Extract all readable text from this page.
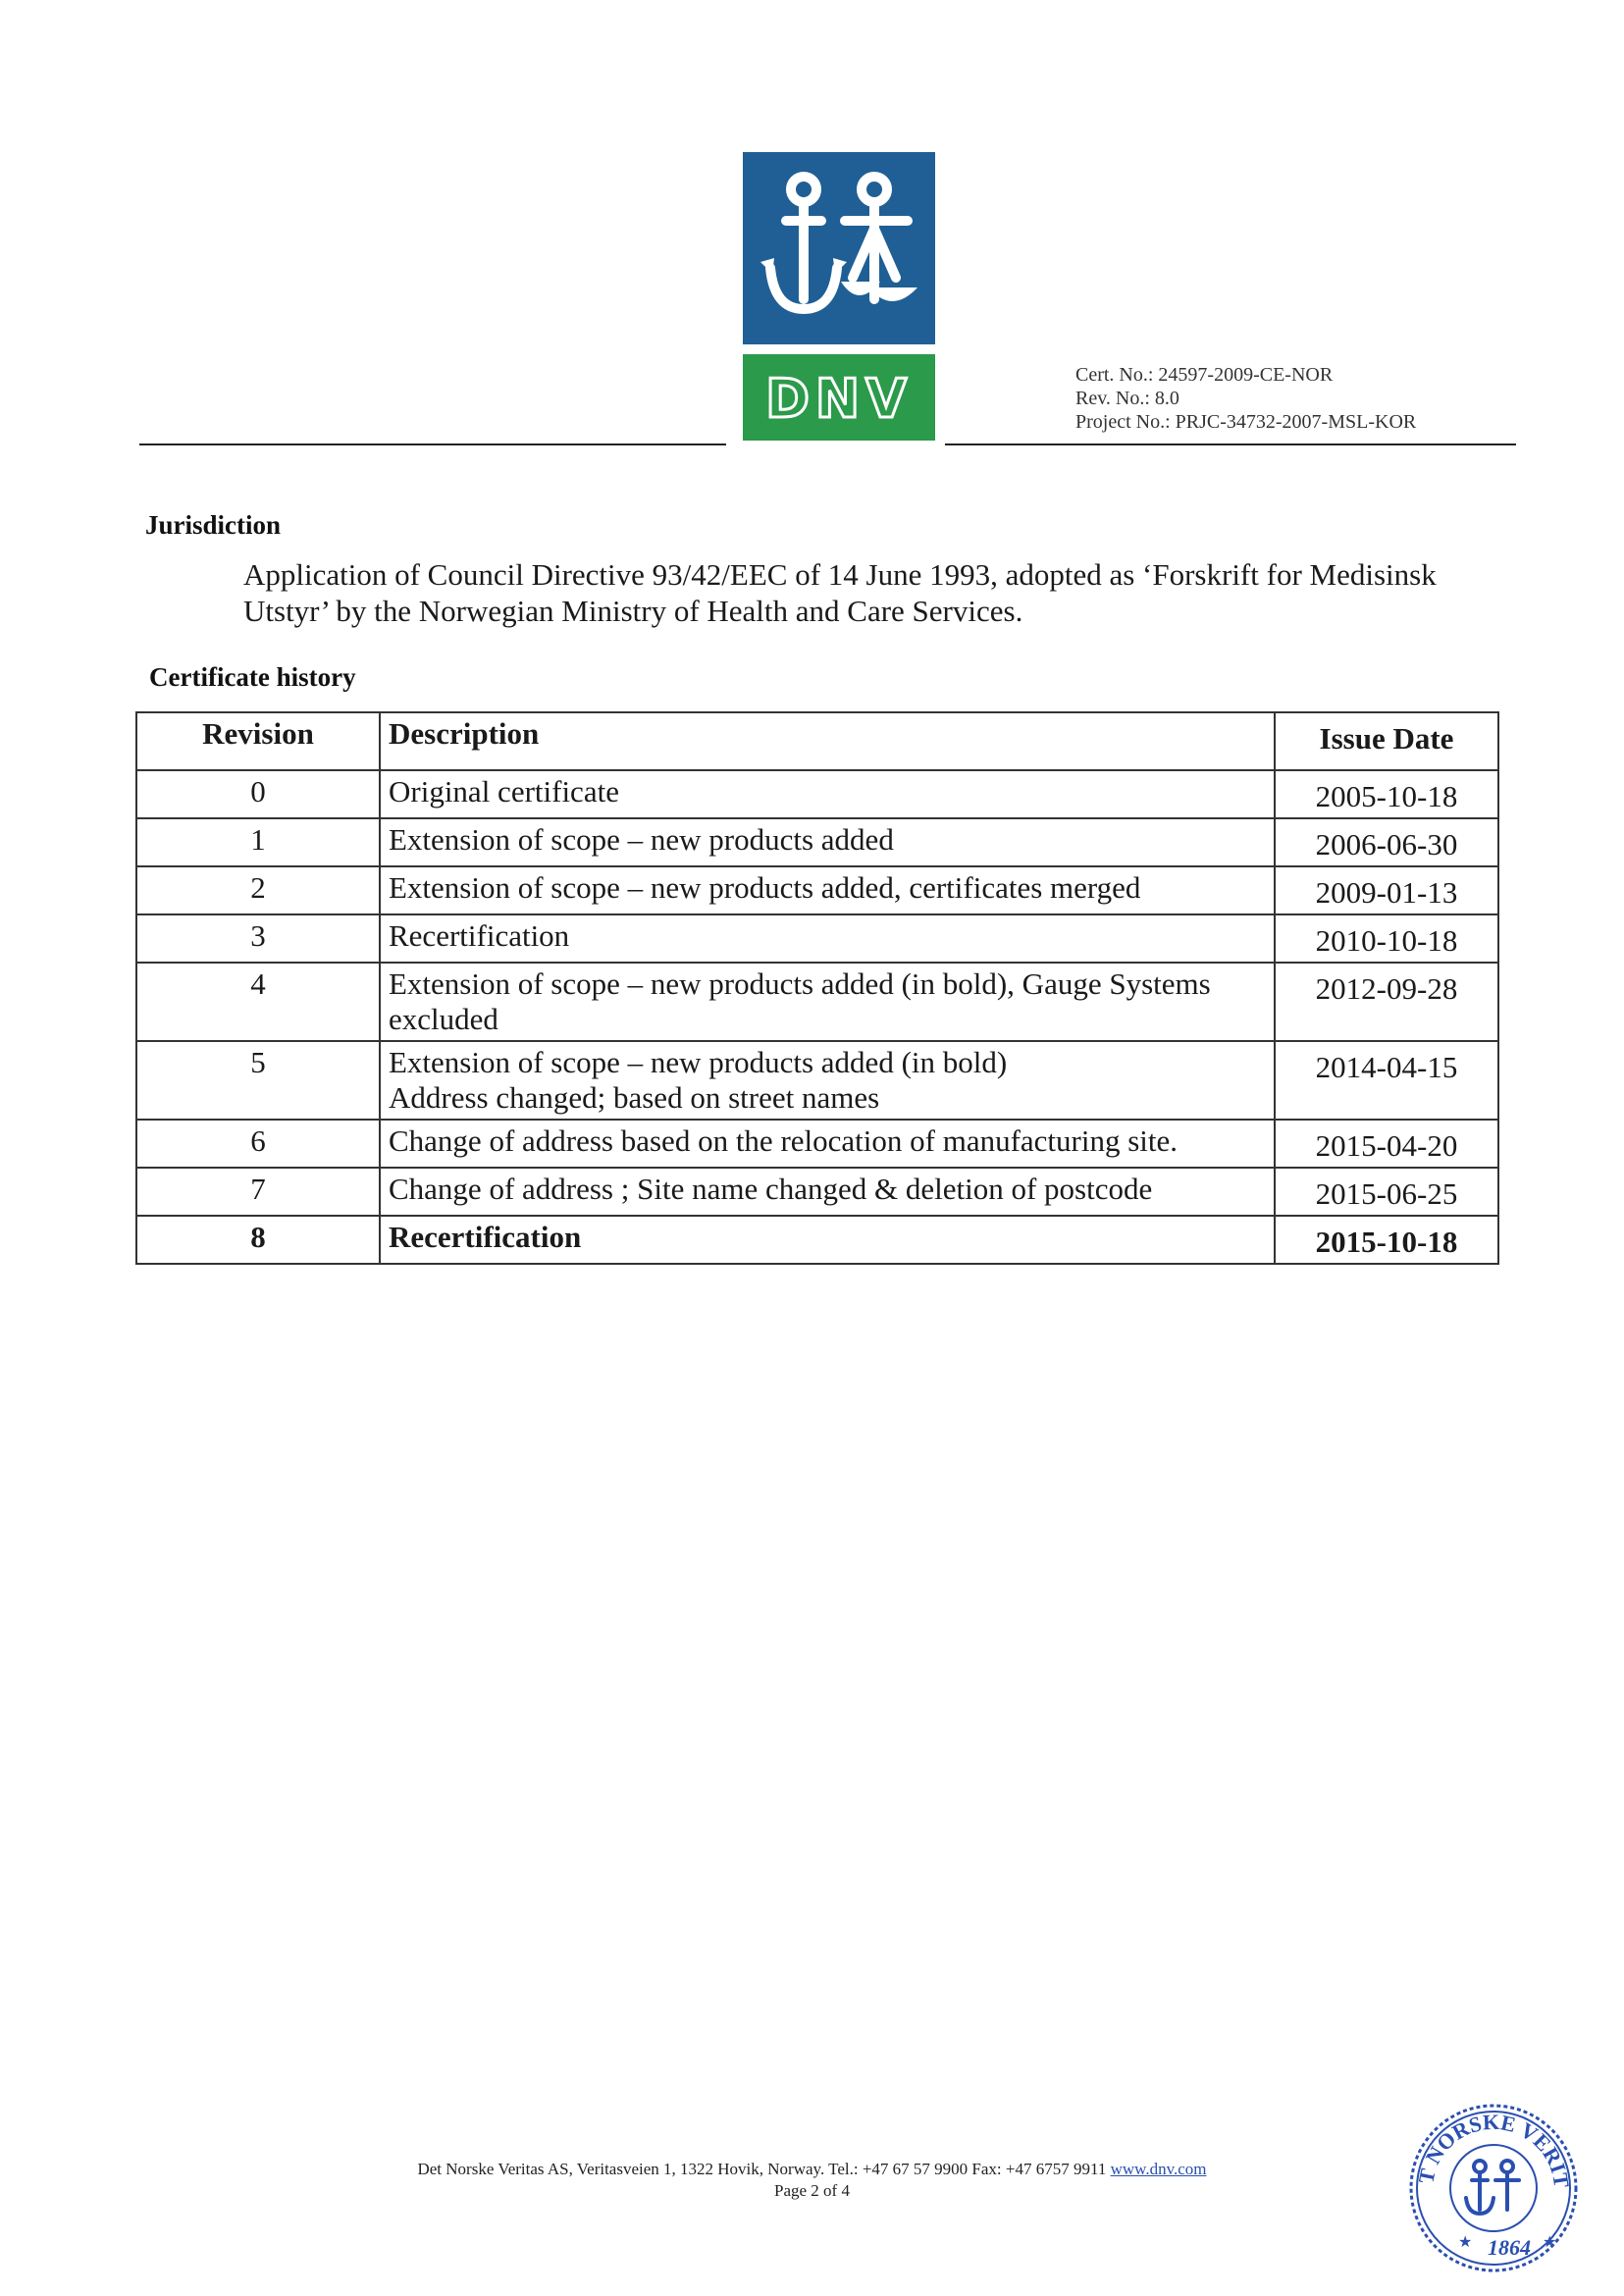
DNV	Cert. No.: 24597-2009-CE-NOR
Rev. No.: 8.0
Project No.: PRJC-34732-2007-MSL-KOR
Jurisdiction
Application of Council Directive 93/42/EEC of 14 June 1993, adopted as ‘Forskrift for Medisinsk Utstyr’ by the Norwegian Ministry of Health and Care Services.
Certificate history
Revision	Description	Issue Date
0	Original certificate	2005-10-18
1	Extension of scope – new products added	2006-06-30
2	Extension of scope – new products added, certificates merged	2009-01-13
3	Recertification	2010-10-18
4	Extension of scope – new products added (in bold), Gauge Systems excluded	2012-09-28
5	Extension of scope – new products added (in bold)
Address changed; based on street names	2014-04-15
6	Change of address based on the relocation of manufacturing site.	2015-04-20
7	Change of address ; Site name changed & deletion of postcode	2015-06-25
8	Recertification	2015-10-18
Det Norske Veritas AS, Veritasveien 1, 1322 Hovik, Norway. Tel.: +47 67 57 9900 Fax: +47 6757 9911 www.dnv.com
Page 2 of 4
T NORSKE VERIT
1864
★	★
